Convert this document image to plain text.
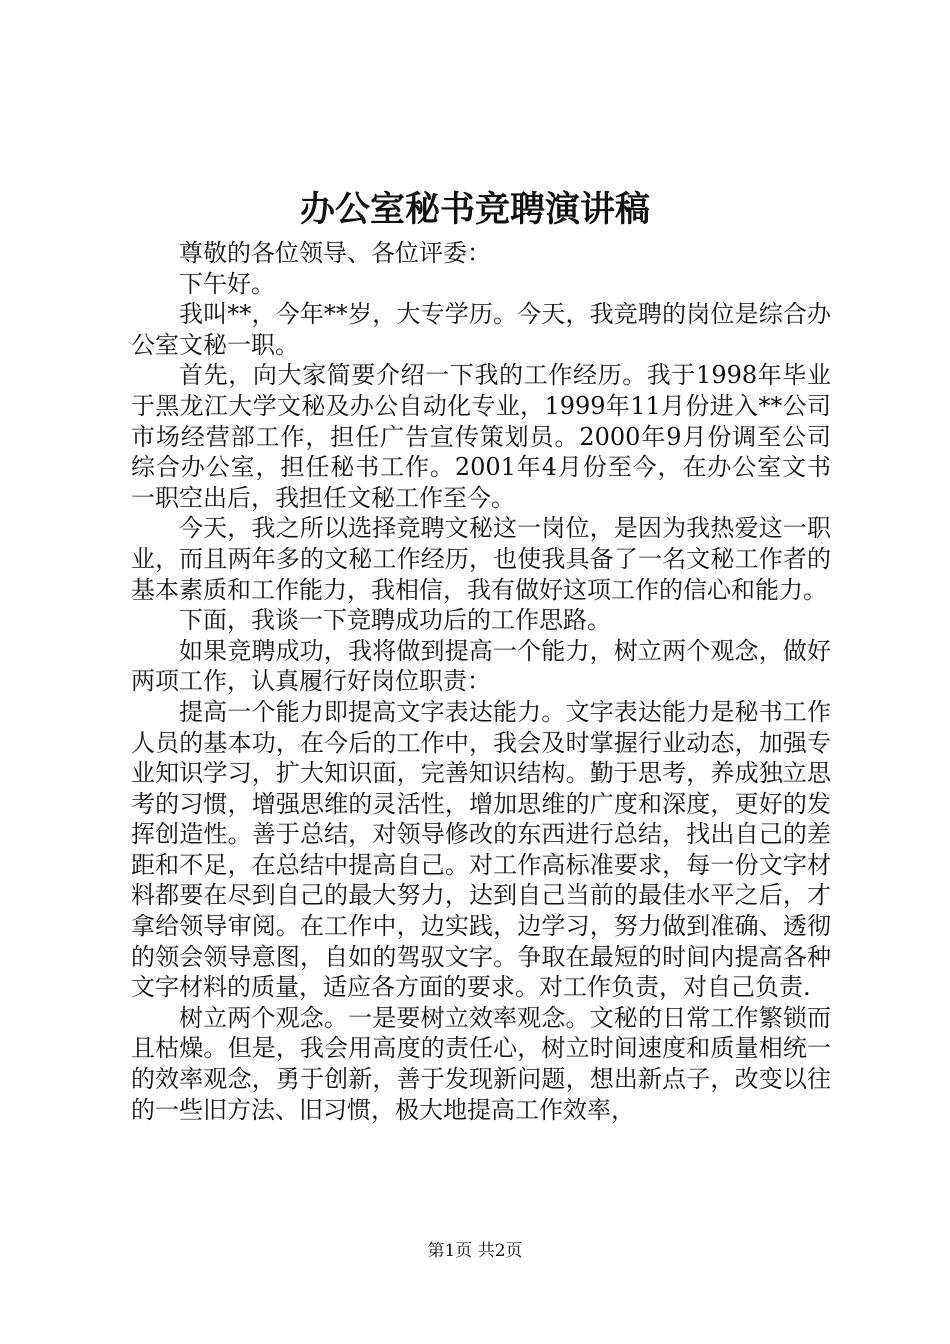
办公室秘书竞聘演讲稿

尊敬的各位领导、各位评委：

下午好。

我叫**，今年**岁，大专学历。今天，我竞聘的岗位是综合办公室文秘一职。

首先，向大家简要介绍一下我的工作经历。我于1998年毕业于黑龙江大学文秘及办公自动化专业，1999年11月份进入**公司市场经营部工作，担任广告宣传策划员。2000年9月份调至公司综合办公室，担任秘书工作。2001年4月份至今，在办公室文书一职空出后，我担任文秘工作至今。

今天，我之所以选择竞聘文秘这一岗位，是因为我热爱这一职业，而且两年多的文秘工作经历，也使我具备了一名文秘工作者的基本素质和工作能力，我相信，我有做好这项工作的信心和能力。

下面，我谈一下竞聘成功后的工作思路。

如果竞聘成功，我将做到提高一个能力，树立两个观念，做好两项工作，认真履行好岗位职责：

提高一个能力即提高文字表达能力。文字表达能力是秘书工作人员的基本功，在今后的工作中，我会及时掌握行业动态，加强专业知识学习，扩大知识面，完善知识结构。勤于思考，养成独立思考的习惯，增强思维的灵活性，增加思维的广度和深度，更好的发挥创造性。善于总结，对领导修改的东西进行总结，找出自己的差距和不足，在总结中提高自己。对工作高标准要求，每一份文字材料都要在尽到自己的最大努力，达到自己当前的最佳水平之后，才拿给领导审阅。在工作中，边实践，边学习，努力做到准确、透彻的领会领导意图，自如的驾驭文字。争取在最短的时间内提高各种文字材料的质量，适应各方面的要求。对工作负责，对自己负责.

树立两个观念。一是要树立效率观念。文秘的日常工作繁锁而且枯燥。但是，我会用高度的责任心，树立时间速度和质量相统一的效率观念，勇于创新，善于发现新问题，想出新点子，改变以往的一些旧方法、旧习惯，极大地提高工作效率，

第1页 共2页
